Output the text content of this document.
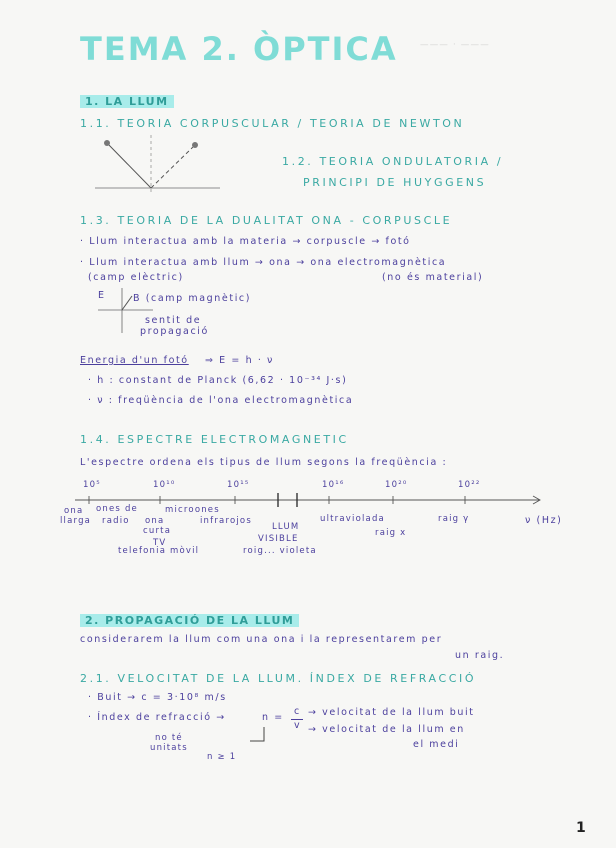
——— · ———
TEMA 2. ÒPTICA
1. LA LLUM
1.1. TEORIA CORPUSCULAR / TEORIA DE NEWTON
1.2. TEORIA ONDULATORIA /
PRINCIPI DE HUYGGENS
1.3. TEORIA DE LA DUALITAT ONA - CORPUSCLE
· Llum interactua amb la materia → corpuscle → fotó
· Llum interactua amb llum → ona → ona electromagnètica
(camp elèctric)	(no és material)
E	B (camp magnètic)
sentit de
propagació
Energia d'un fotó ⇒ E = h · ν
· h : constant de Planck (6,62 · 10⁻³⁴ J·s)
· ν : freqüència de l'ona electromagnètica
1.4. ESPECTRE ELECTROMAGNETIC
L'espectre ordena els tipus de llum segons la freqüència :
10⁵	10¹⁰	10¹⁵	10¹⁶	10²⁰	10²²
ν (Hz)
ona
llarga
ones de
radio ona
curta
TV
telefonia mòvil
microones
infrarojos
LLUM
VISIBLE
roig... violeta
ultraviolada
raig x
raig γ
2. PROPAGACIÓ DE LA LLUM
considerarem la llum com una ona i la representarem per
un raig.
2.1. VELOCITAT DE LA LLUM. ÍNDEX DE REFRACCIÓ
· Buit → c = 3·10⁸ m/s
· Índex de refracció →	n =
c
v
→ velocitat de la llum buit
→ velocitat de la llum en
el medi
no té
unitats
n ≥ 1
1
